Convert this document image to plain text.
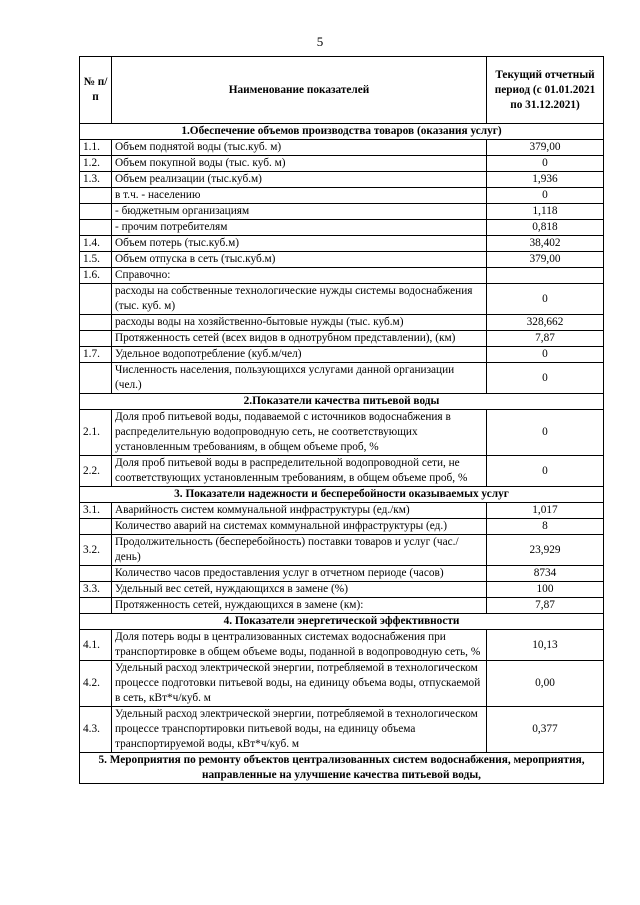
5
№ п/п	Наименование показателей	Текущий отчетный период (с 01.01.2021 по 31.12.2021)
1.Обеспечение объемов производства товаров (оказания услуг)		
1.1.	Объем поднятой воды (тыс.куб. м)	379,00
1.2.	Объем покупной воды (тыс. куб. м)	0
1.3.	Объем реализации (тыс.куб.м)	1,936
	в т.ч. - населению	0
	- бюджетным организациям	1,118
	- прочим потребителям	0,818
1.4.	Объем потерь (тыс.куб.м)	38,402
1.5.	Объем отпуска в сеть (тыс.куб.м)	379,00
1.6.	Справочно:	
	расходы на собственные технологические нужды системы водоснабжения (тыс. куб. м)	0
	расходы воды на хозяйственно-бытовые нужды (тыс. куб.м)	328,662
	Протяженность сетей (всех видов в однотрубном представлении), (км)	7,87
1.7.	Удельное водопотребление (куб.м/чел)	0
	Численность населения, пользующихся услугами данной организации (чел.)	0
2.Показатели качества питьевой воды		
2.1.	Доля проб питьевой воды, подаваемой с источников водоснабжения в распределительную водопроводную сеть, не соответствующих установленным требованиям, в общем объеме проб, %	0
2.2.	Доля проб питьевой воды в распределительной водопроводной сети, не соответствующих установленным требованиям, в общем объеме проб, %	0
3. Показатели надежности и бесперебойности оказываемых услуг		
3.1.	Аварийность систем коммунальной инфраструктуры (ед./км)	1,017
	Количество аварий на системах коммунальной инфраструктуры (ед.)	8
3.2.	Продолжительность (бесперебойность) поставки товаров и услуг (час./день)	23,929
	Количество часов предоставления услуг в отчетном периоде (часов)	8734
3.3.	Удельный вес сетей, нуждающихся в замене (%)	100
	Протяженность сетей, нуждающихся в замене (км):	7,87
4. Показатели энергетической эффективности		
4.1.	Доля потерь воды в централизованных системах водоснабжения при транспортировке в общем объеме воды, поданной в водопроводную сеть, %	10,13
4.2.	Удельный расход электрической энергии, потребляемой в технологическом процессе подготовки питьевой воды, на единицу объема воды, отпускаемой в сеть, кВт*ч/куб. м	0,00
4.3.	Удельный расход электрической энергии, потребляемой в технологическом процессе транспортировки питьевой воды, на единицу объема транспортируемой воды, кВт*ч/куб. м	0,377
5. Мероприятия по ремонту объектов централизованных систем водоснабжения, мероприятия, направленные на улучшение качества питьевой воды,		
